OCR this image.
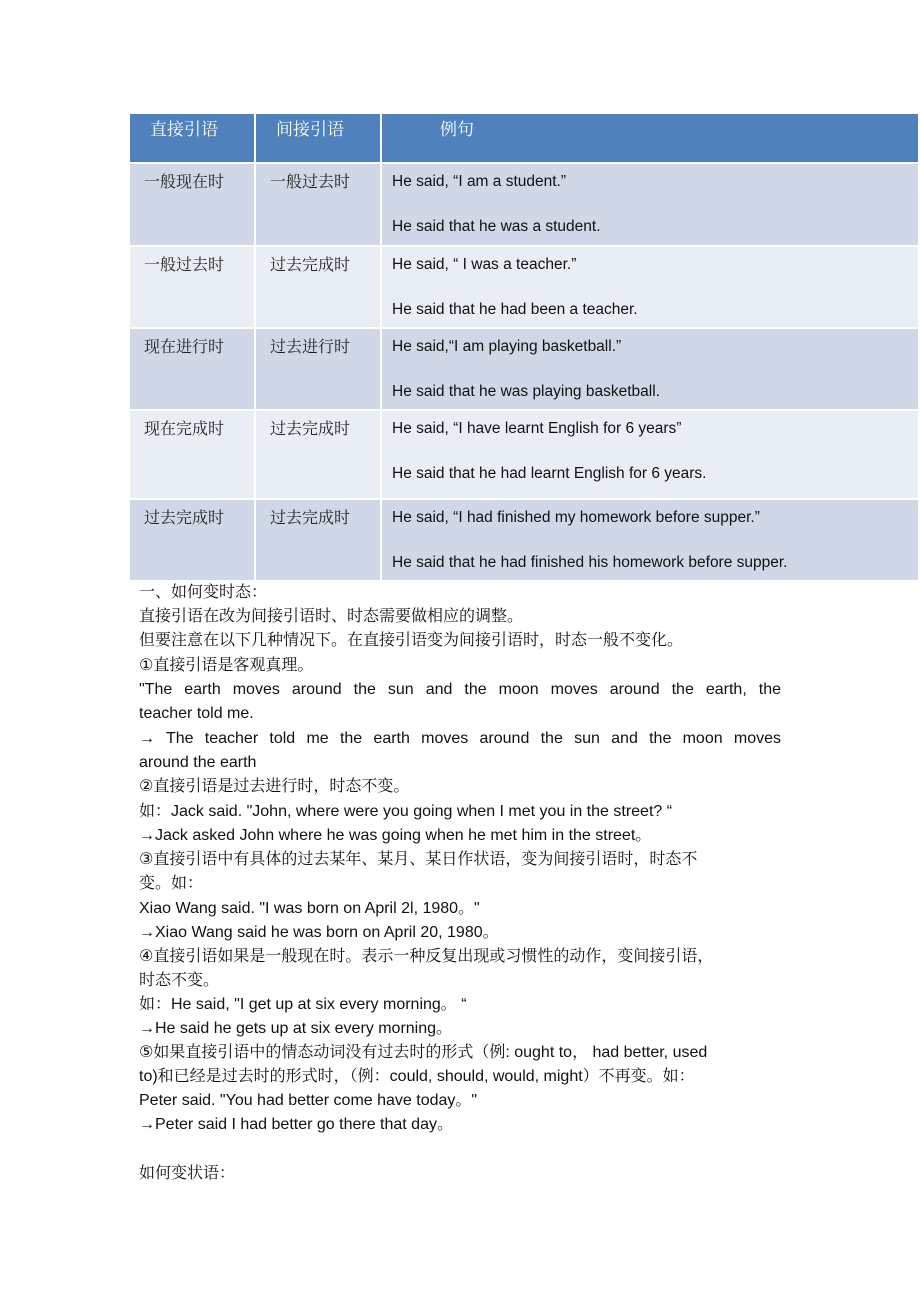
直接引语	间接引语	例句
一般现在时	一般过去时	He said, “I am a student.”
He said that he was a student.

一般过去时	过去完成时	He said, “ I was a teacher.”
He said that he had been a teacher.

现在进行时	过去进行时	He said,“I am playing basketball.”
He said that he was playing basketball.

现在完成时	过去完成时	He said, “I have learnt English for 6 years”
He said that he had learnt English for 6 years.

过去完成时	过去完成时	He said, “I had finished my homework before supper.”
He said that he had finished his homework before supper.
一、如何变时态：
直接引语在改为间接引语时、时态需要做相应的调整。
但要注意在以下几种情况下。在直接引语变为间接引语时，时态一般不变化。
①直接引语是客观真理。
"The earth moves around the sun and the moon moves around the earth, the
teacher told me.
→ The teacher told me the earth moves around the sun and the moon moves
around the earth
②直接引语是过去进行时，时态不变。
如：Jack said. "John, where were you going when I met you in the street? “
→Jack asked John where he was going when he met him in the street。
③直接引语中有具体的过去某年、某月、某日作状语，变为间接引语时，时态不
变。如：
Xiao Wang said. "I was born on April 2l, 1980。"
→Xiao Wang said he was born on April 20, 1980。
④直接引语如果是一般现在时。表示一种反复出现或习惯性的动作，变间接引语，
时态不变。
如：He said, "I get up at six every morning。 “
→He said he gets up at six every morning。
⑤如果直接引语中的情态动词没有过去时的形式（例: ought to， had better, used
to)和已经是过去时的形式时，（例：could, should, would, might）不再变。如：
Peter said. "You had better come have today。"
→Peter said I had better go there that day。
如何变状语：
